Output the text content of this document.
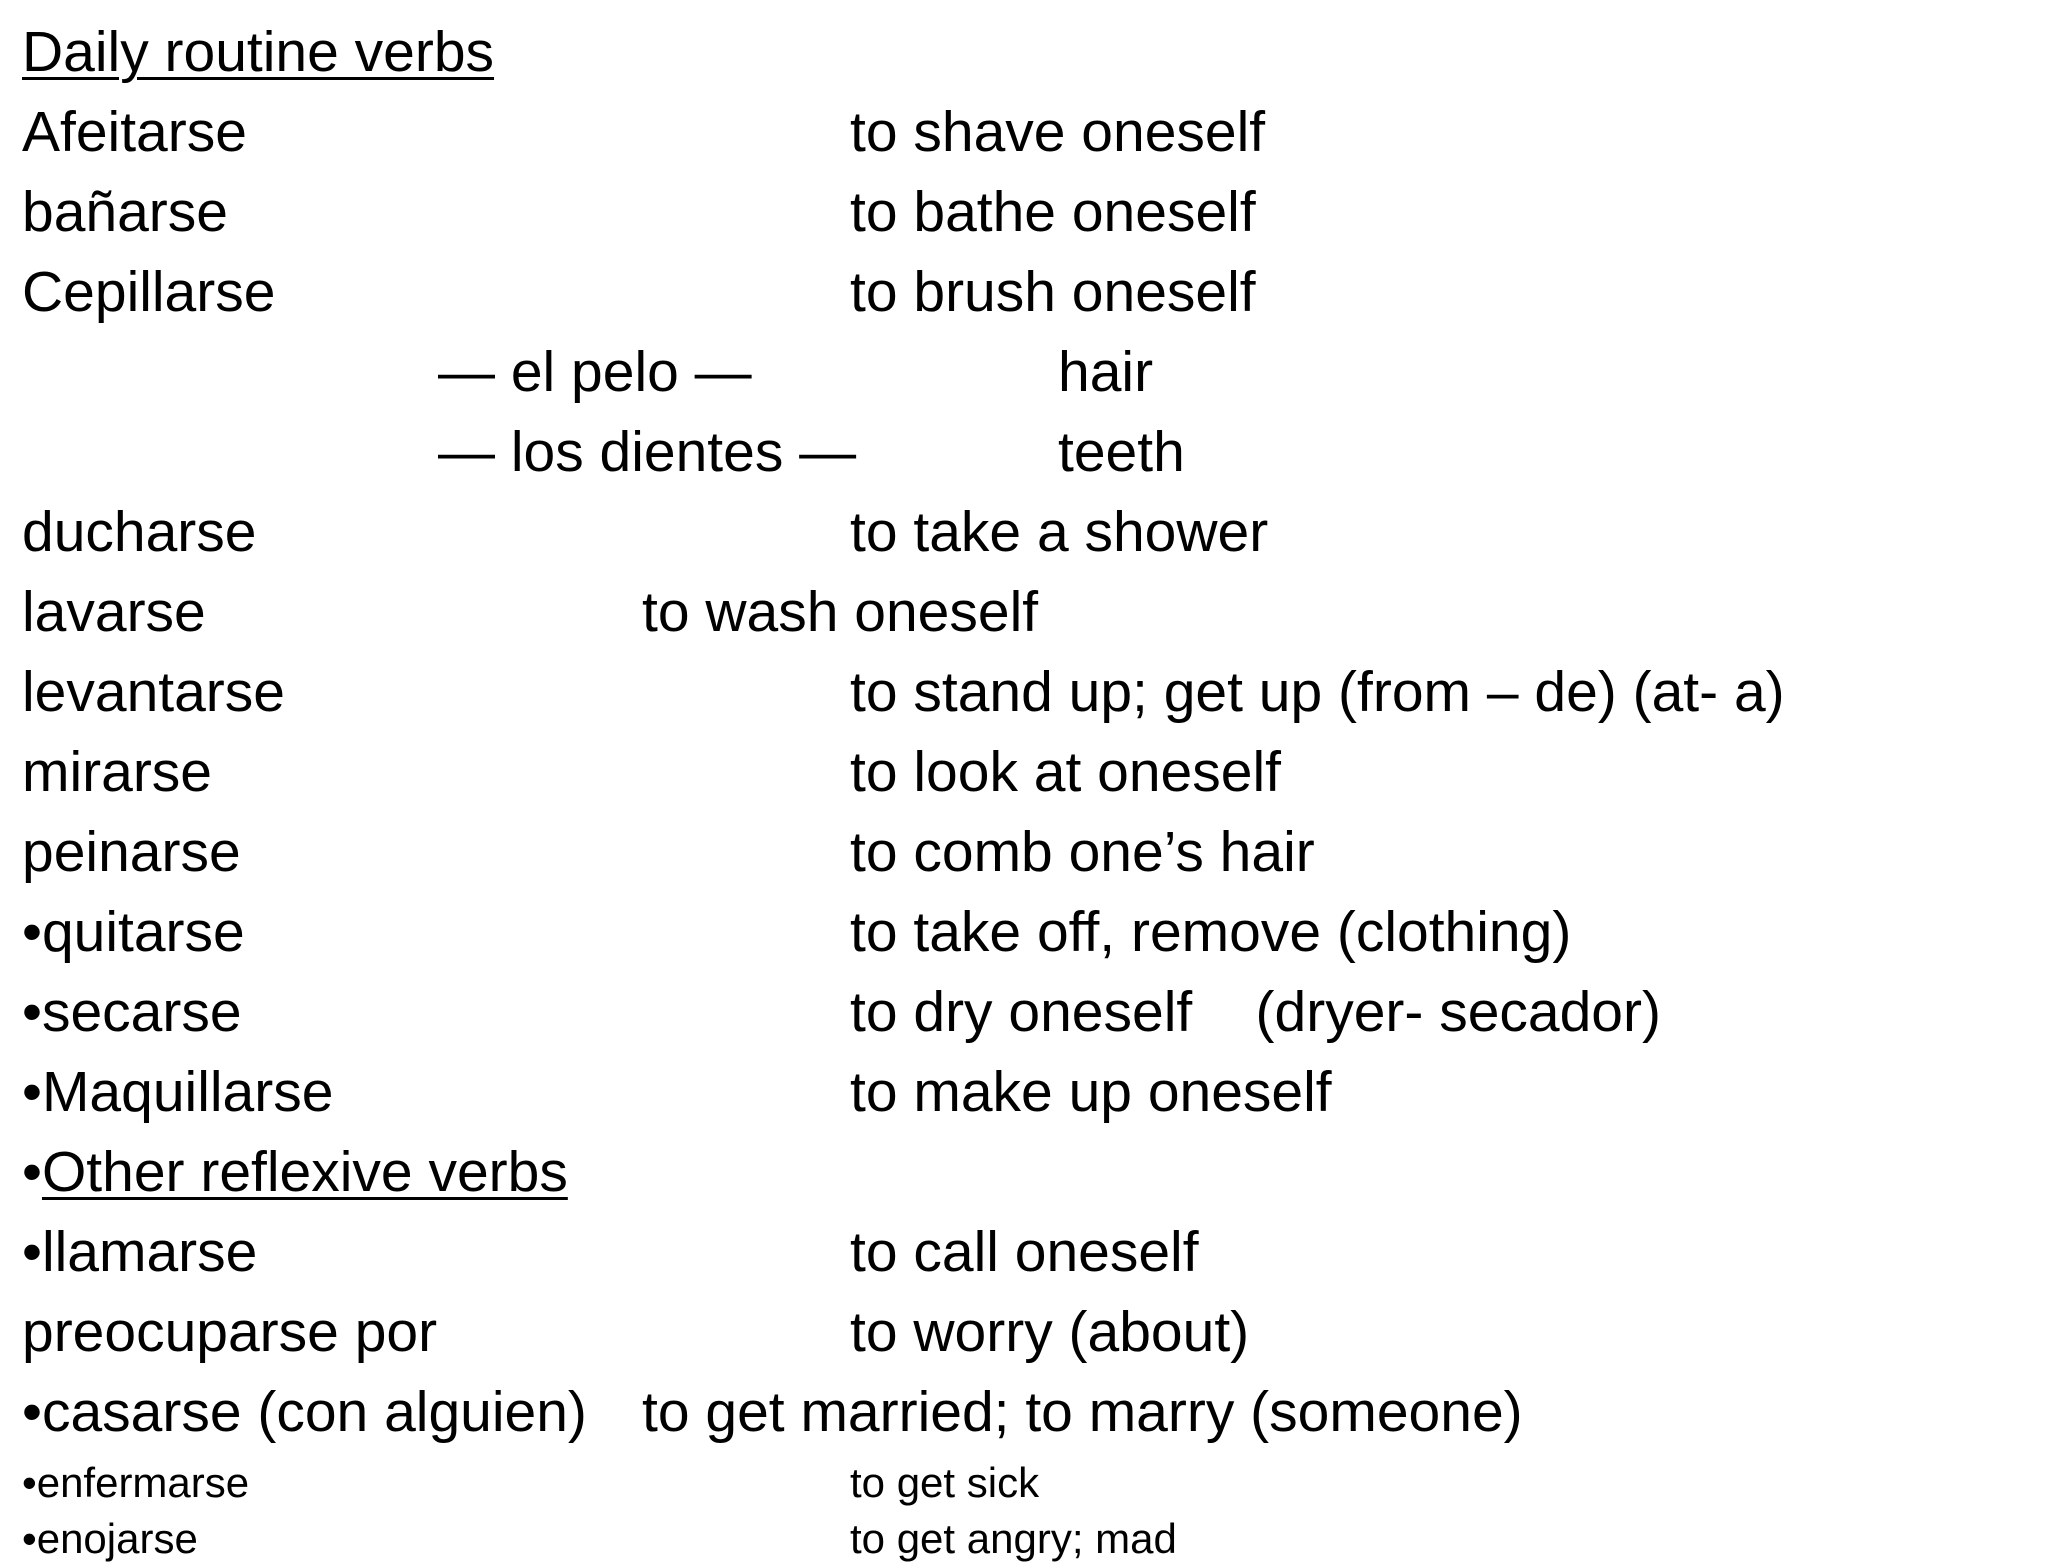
Daily routine verbs
Afeitarse	to shave oneself
bañarse	to bathe oneself
Cepillarse	to brush oneself
— el pelo —	hair
— los dientes —	teeth
ducharse	to take a shower
lavarse	to wash oneself
levantarse	to stand up; get up (from – de) (at- a)
mirarse	to look at oneself
peinarse	to comb one’s hair
•quitarse	to take off, remove (clothing)
•secarse	to dry oneself    (dryer- secador)
•Maquillarse	to make up oneself
•Other reflexive verbs
•llamarse	to call oneself
preocuparse por	to worry (about)
•casarse (con alguien) to get married; to marry (someone)
•enfermarse	to get sick
•enojarse	to get angry; mad
